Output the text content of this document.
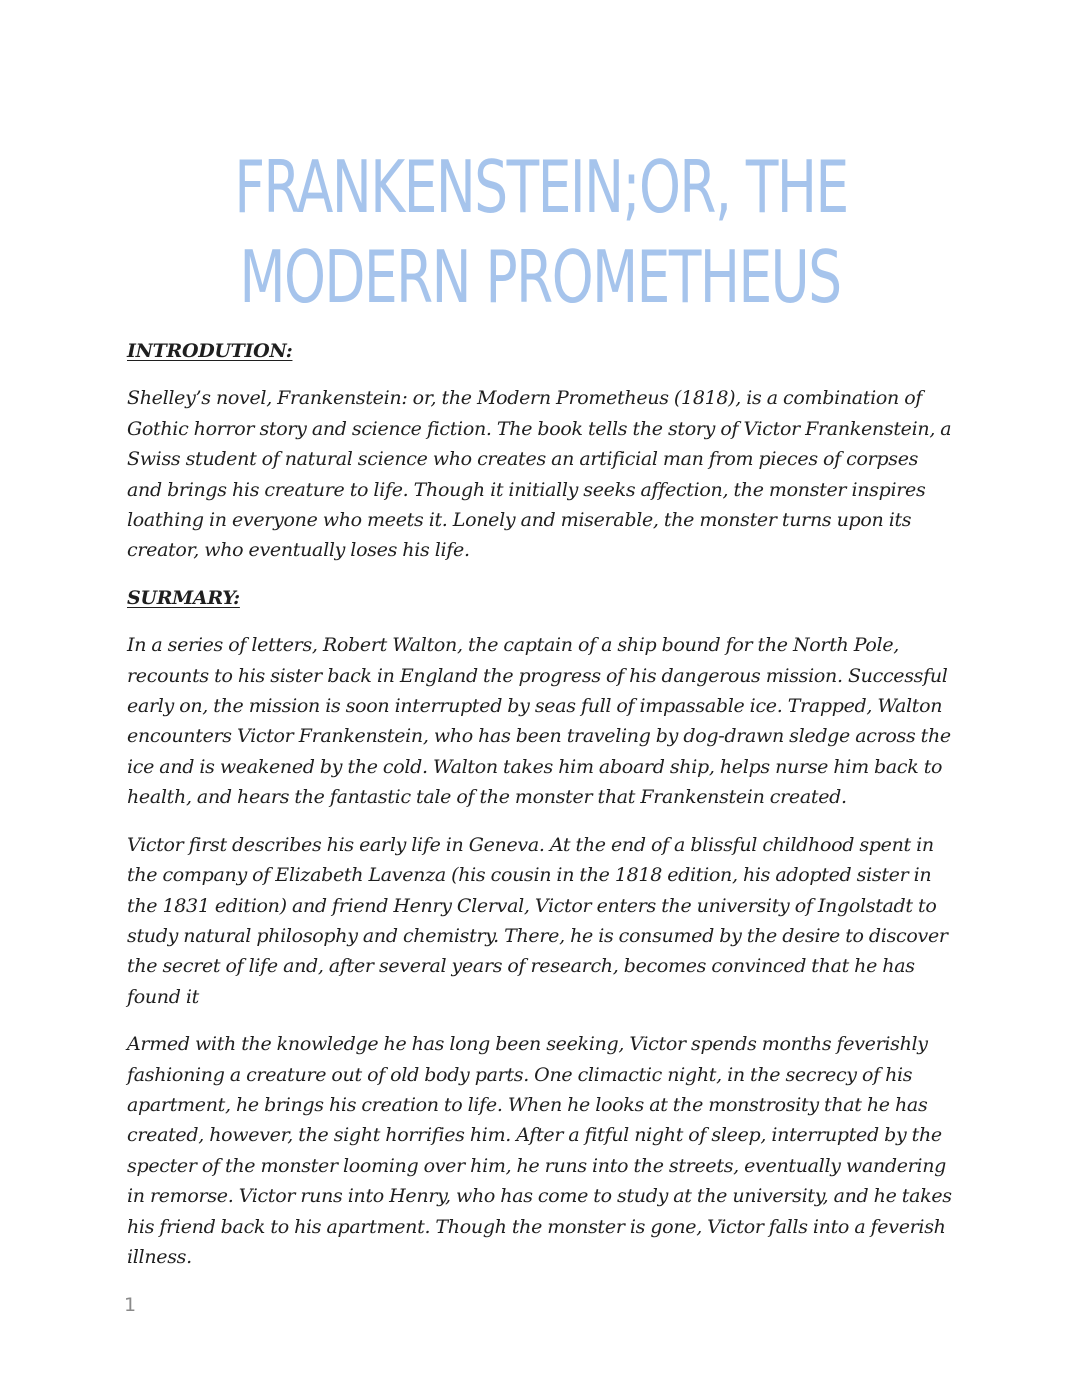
FRANKENSTEIN;OR, THE
MODERN PROMETHEUS

INTRODUTION:

Shelley’s novel, Frankenstein: or, the Modern Prometheus (1818), is a combination of Gothic horror story and science fiction. The book tells the story of Victor Frankenstein, a Swiss student of natural science who creates an artificial man from pieces of corpses and brings his creature to life. Though it initially seeks affection, the monster inspires loathing in everyone who meets it. Lonely and miserable, the monster turns upon its creator, who eventually loses his life.

SURMARY:

In a series of letters, Robert Walton, the captain of a ship bound for the North Pole, recounts to his sister back in England the progress of his dangerous mission. Successful early on, the mission is soon interrupted by seas full of impassable ice. Trapped, Walton encounters Victor Frankenstein, who has been traveling by dog-drawn sledge across the ice and is weakened by the cold. Walton takes him aboard ship, helps nurse him back to health, and hears the fantastic tale of the monster that Frankenstein created.

Victor first describes his early life in Geneva. At the end of a blissful childhood spent in the company of Elizabeth Lavenza (his cousin in the 1818 edition, his adopted sister in the 1831 edition) and friend Henry Clerval, Victor enters the university of Ingolstadt to study natural philosophy and chemistry. There, he is consumed by the desire to discover the secret of life and, after several years of research, becomes convinced that he has found it

Armed with the knowledge he has long been seeking, Victor spends months feverishly fashioning a creature out of old body parts. One climactic night, in the secrecy of his apartment, he brings his creation to life. When he looks at the monstrosity that he has created, however, the sight horrifies him. After a fitful night of sleep, interrupted by the specter of the monster looming over him, he runs into the streets, eventually wandering in remorse. Victor runs into Henry, who has come to study at the university, and he takes his friend back to his apartment. Though the monster is gone, Victor falls into a feverish illness.

1
